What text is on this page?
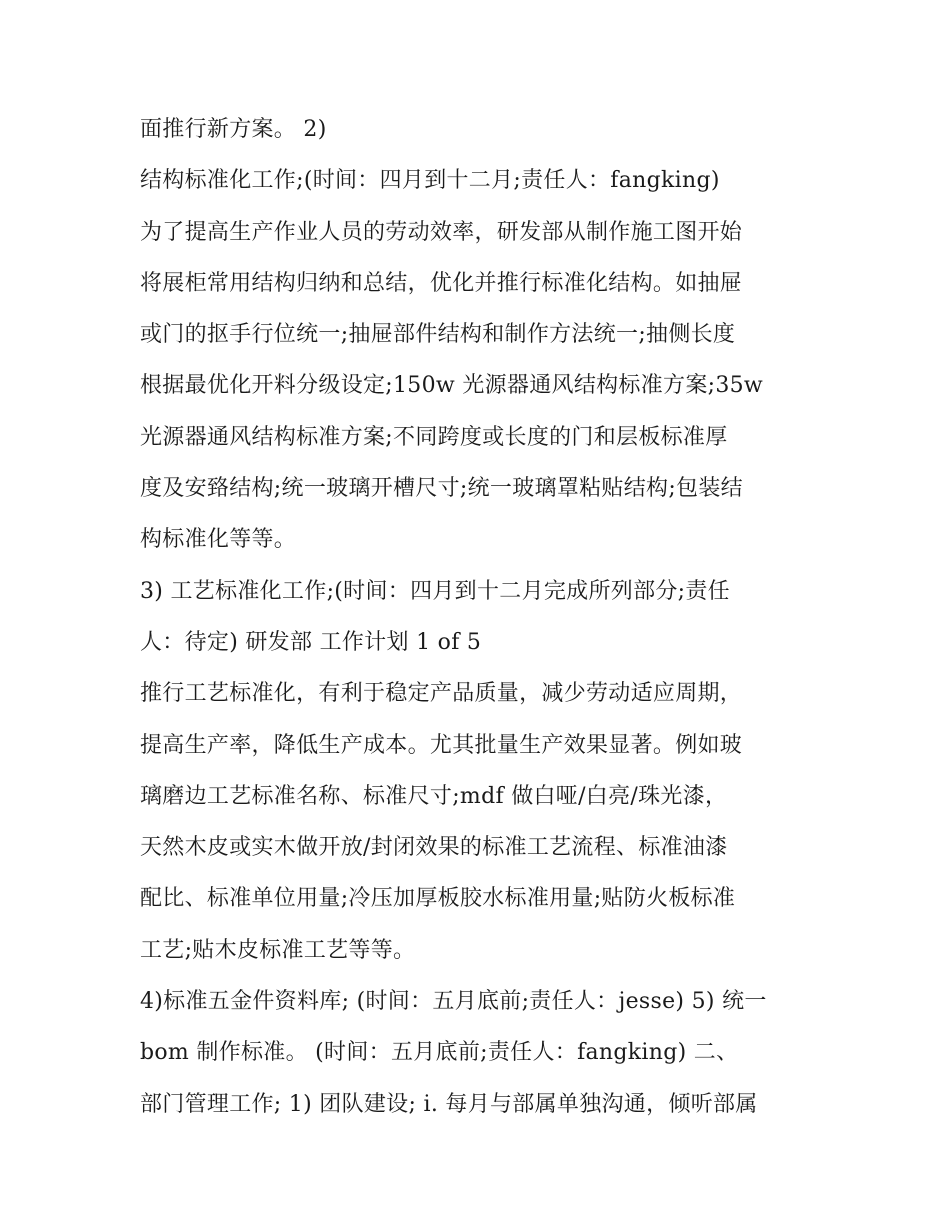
面推行新方案。 2)
结构标准化工作;(时间：四月到十二月;责任人：fangking)
为了提高生产作业人员的劳动效率，研发部从制作施工图开始
将展柜常用结构归纳和总结，优化并推行标准化结构。如抽屉
或门的抠手行位统一;抽屉部件结构和制作方法统一;抽侧长度
根据最优化开料分级设定;150w 光源器通风结构标准方案;35w
光源器通风结构标准方案;不同跨度或长度的门和层板标准厚
度及安臵结构;统一玻璃开槽尺寸;统一玻璃罩粘贴结构;包装结
构标准化等等。
3) 工艺标准化工作;(时间：四月到十二月完成所列部分;责任
人：待定) 研发部 工作计划 1 of 5
推行工艺标准化，有利于稳定产品质量，减少劳动适应周期，
提高生产率，降低生产成本。尤其批量生产效果显著。例如玻
璃磨边工艺标准名称、标准尺寸;mdf 做白哑/白亮/珠光漆，
天然木皮或实木做开放/封闭效果的标准工艺流程、标准油漆
配比、标准单位用量;冷压加厚板胶水标准用量;贴防火板标准
工艺;贴木皮标准工艺等等。
4)标准五金件资料库; (时间：五月底前;责任人：jesse) 5) 统一
bom 制作标准。 (时间：五月底前;责任人：fangking) 二、
部门管理工作; 1) 团队建设; i. 每月与部属单独沟通，倾听部属
